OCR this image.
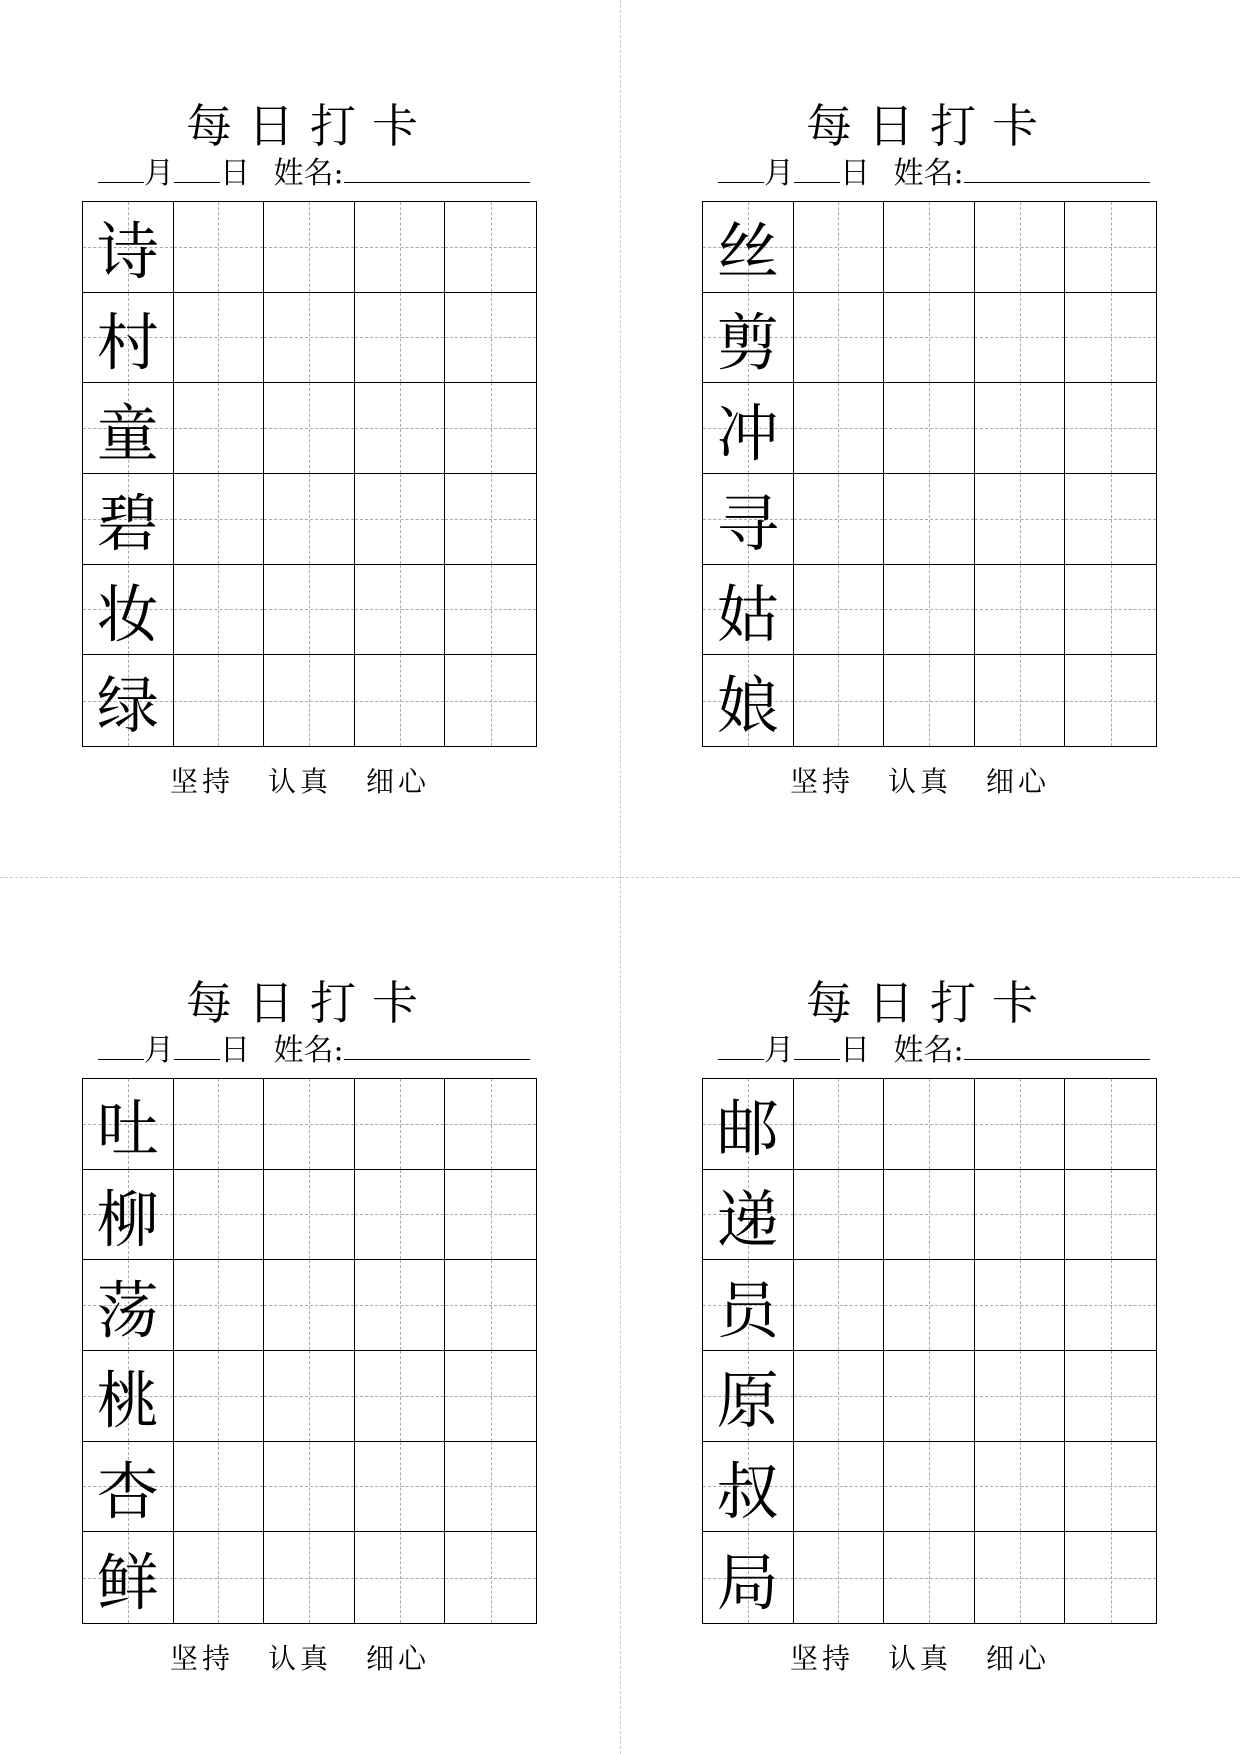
每日打卡
月 日 姓名:
诗
村
童
碧
妆
绿
坚持 认真 细心
每日打卡
月 日 姓名:
丝
剪
冲
寻
姑
娘
坚持 认真 细心
每日打卡
月 日 姓名:
吐
柳
荡
桃
杏
鲜
坚持 认真 细心
每日打卡
月 日 姓名:
邮
递
员
原
叔
局
坚持 认真 细心
